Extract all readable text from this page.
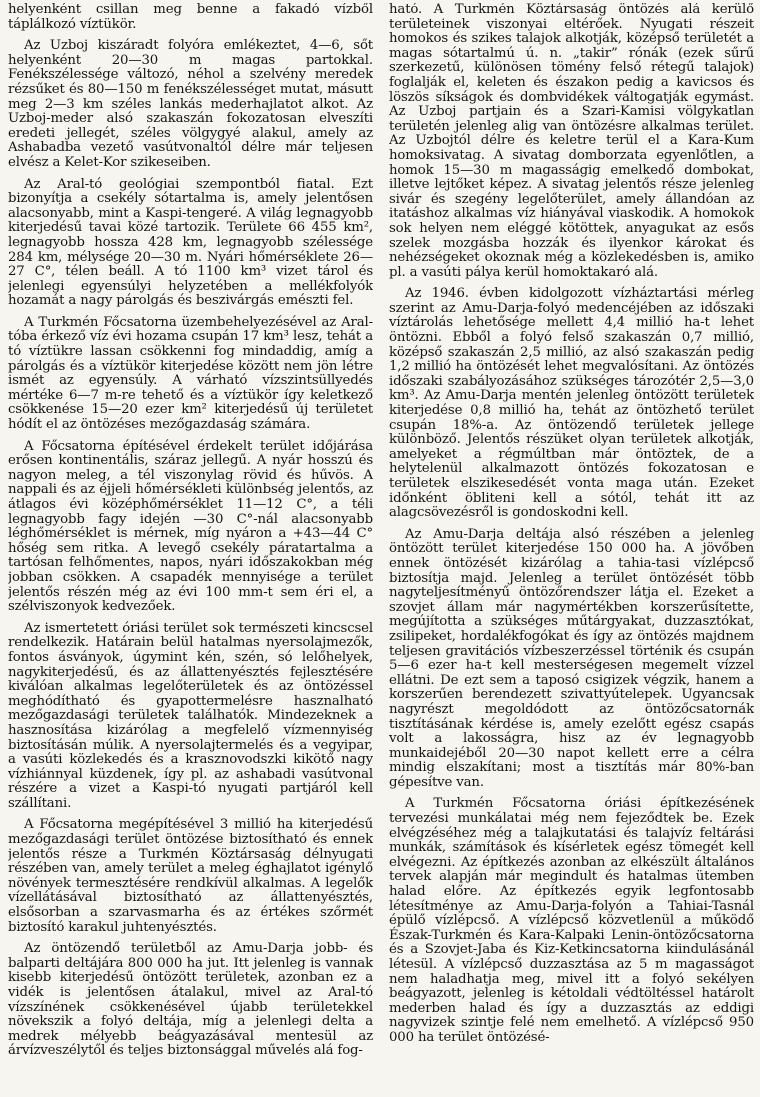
helyenként csillan meg benne a fakadó vízből táplálkozó víztükör.

Az Uzboj kiszáradt folyóra emlékeztet, 4—6, sőt helyenként 20—30 m magas partokkal. Fenékszélessége változó, néhol a szelvény meredek rézsűket és 80—150 m fenékszélességet mutat, másutt meg 2—3 km széles lankás mederhajlatot alkot. Az Uzboj-meder alsó szakaszán fokozatosan elveszíti eredeti jellegét, széles völgygyé alakul, amely az Ashabadba vezető vasútvonaltól délre már teljesen elvész a Kelet-Kor szikeseiben.

Az Aral-tó geológiai szempontból fiatal. Ezt bizonyítja a csekély sótartalma is, amely jelentősen alacsonyabb, mint a Kaspi-tengeré. A világ legnagyobb kiterjedésű tavai közé tartozik. Területe 66 455 km², legnagyobb hossza 428 km, legnagyobb szélessége 284 km, mélysége 20—30 m. Nyári hőmérséklete 26—27 C°, télen beáll. A tó 1100 km³ vizet tárol és jelenlegi egyensúlyi helyzetében a mellékfolyók hozamát a nagy párolgás és beszivárgás emészti fel.

A Turkmén Főcsatorna üzembehelyezésével az Aral-tóba érkező víz évi hozama csupán 17 km³ lesz, tehát a tó víztükre lassan csökkenni fog mindaddig, amíg a párolgás és a víztükör kiterjedése között nem jön létre ismét az egyensúly. A várható vízszintsüllyedés mértéke 6—7 m-re tehető és a víztükör így keletkező csökkenése 15—20 ezer km² kiterjedésű új területet hódít el az öntözéses mezőgazdaság számára.

A Főcsatorna építésével érdekelt terület időjárása erősen kontinentális, száraz jellegű. A nyár hosszú és nagyon meleg, a tél viszonylag rövid és hűvös. A nappali és az éjjeli hőmérsékleti különbség jelentős, az átlagos évi középhőmérséklet 11—12 C°, a téli legnagyobb fagy idején —30 C°-nál alacsonyabb léghőmérséklet is mérnek, míg nyáron a +43—44 C° hőség sem ritka. A levegő csekély páratartalma a tartósan felhőmentes, napos, nyári időszakokban még jobban csökken. A csapadék mennyisége a terület jelentős részén még az évi 100 mm-t sem éri el, a szélviszonyok kedvezőek.

Az ismertetett óriási terület sok természeti kincscsel rendelkezik. Határain belül hatalmas nyersolajmezők, fontos ásványok, úgymint kén, szén, só lelőhelyek, nagykiterjedésű, és az állattenyésztés fejlesztésére kiválóan alkalmas legelőterületek és az öntözéssel meghódítható és gyapottermelésre hasznalható mezőgazdasági területek találhatók. Mindezeknek a hasznosítása kizárólag a megfelelő vízmennyiség biztosításán múlik. A nyersolajtermelés és a vegyipar, a vasúti közlekedés és a krasznovodszki kikötő nagy vízhiánnyal küzdenek, így pl. az ashabadi vasútvonal részére a vizet a Kaspi-tó nyugati partjáról kell szállítani.

A Főcsatorna megépítésével 3 millió ha kiterjedésű mezőgazdasági terület öntözése biztosítható és ennek jelentős része a Turkmén Köztársaság délnyugati részében van, amely terület a meleg éghajlatot igénylő növények termesztésére rendkívül alkalmas. A legelők vízellátásával biztosítható az állattenyésztés, elsősorban a szarvasmarha és az értékes szőrmét biztosító karakul juhtenyésztés.

Az öntözendő területből az Amu-Darja jobb- és balparti deltájára 800 000 ha jut. Itt jelenleg is vannak kisebb kiterjedésű öntözött területek, azonban ez a vidék is jelentősen átalakul, mivel az Aral-tó vízszínének csökkenésével újabb területekkel növekszik a folyó deltája, míg a jelenlegi delta a medrek mélyebb beágyazásával mentesül az árvízveszélytől és teljes biztonsággal művelés alá fog-

ható. A Turkmén Köztársaság öntözés alá kerülő területeinek viszonyai eltérőek. Nyugati részeit homokos és szikes talajok alkotják, középső területét a magas sótartalmú ú. n. „takir” rónák (ezek sűrű szerkezetű, különösen tömény felső rétegű talajok) foglalják el, keleten és északon pedig a kavicsos és löszös síkságok és dombvidékek váltogatják egymást. Az Uzboj partjain és a Szari-Kamisi völgykatlan területén jelenleg alig van öntözésre alkalmas terület. Az Uzbojtól délre és keletre terül el a Kara-Kum homoksivatag. A sivatag domborzata egyenlőtlen, a homok 15—30 m magasságig emelkedő dombokat, illetve lejtőket képez. A sivatag jelentős része jelenleg sivár és szegény legelőterület, amely állandóan az itatáshoz alkalmas víz hiányával viaskodik. A homokok sok helyen nem eléggé kötöttek, anyagukat az esős szelek mozgásba hozzák és ilyenkor károkat és nehézségeket okoznak még a közlekedésben is, amiko pl. a vasúti pálya kerül homoktakaró alá.

Az 1946. évben kidolgozott vízháztartási mérleg szerint az Amu-Darja-folyó medencéjében az időszaki víztárolás lehetősége mellett 4,4 millió ha-t lehet öntözni. Ebből a folyó felső szakaszán 0,7 millió, középső szakaszán 2,5 millió, az alsó szakaszán pedig 1,2 millió ha öntözését lehet megvalósítani. Az öntözés időszaki szabályozásához szükséges tározótér 2,5—3,0 km³. Az Amu-Darja mentén jelenleg öntözött területek kiterjedése 0,8 millió ha, tehát az öntözhető terület csupán 18%-a. Az öntözendő területek jellege különböző. Jelentős részüket olyan területek alkotják, amelyeket a régmúltban már öntöztek, de a helytelenül alkalmazott öntözés fokozatosan e területek elszikesedését vonta maga után. Ezeket időnként öbliteni kell a sótól, tehát itt az alagcsövezésről is gondoskodni kell.

Az Amu-Darja deltája alsó részében a jelenleg öntözött terület kiterjedése 150 000 ha. A jövőben ennek öntözését kizárólag a tahia-tasi vízlépcső biztosítja majd. Jelenleg a terület öntözését több nagyteljesítményű öntözőrendszer látja el. Ezeket a szovjet állam már nagymértékben korszerűsítette, megújította a szükséges műtárgyakat, duzzasztókat, zsilipeket, hordalékfogókat és így az öntözés majdnem teljesen gravitációs vízbeszerzéssel történik és csupán 5—6 ezer ha-t kell mesterségesen megemelt vízzel ellátni. De ezt sem a taposó csigizek végzik, hanem a korszerűen berendezett szivattyútelepek. Ugyancsak nagyrészt megoldódott az öntözőcsatornák tisztításának kérdése is, amely ezelőtt egész csapás volt a lakosságra, hisz az év legnagyobb munkaidejéből 20—30 napot kellett erre a célra mindig elszakítani; most a tisztítás már 80%-ban gépesítve van.

A Turkmén Főcsatorna óriási építkezésének tervezési munkálatai még nem fejeződtek be. Ezek elvégzéséhez még a talajkutatási és talajvíz feltárási munkák, számítások és kísérletek egész tömegét kell elvégezni. Az építkezés azonban az elkészült általános tervek alapján már megindult és hatalmas ütemben halad előre. Az építkezés egyik legfontosabb létesítménye az Amu-Darja-folyón a Tahiai-Tasnál épülő vízlépcső. A vízlépcső közvetlenül a működő Észak-Turkmén és Kara-Kalpaki Lenin-öntözőcsatorna és a Szovjet-Jaba és Kiz-Ketkincsatorna kiindulásánál létesül. A vízlépcső duzzasztása az 5 m magasságot nem haladhatja meg, mivel itt a folyó sekélyen beágyazott, jelenleg is kétoldali védtöltéssel határolt mederben halad és így a duzzasztás az eddigi nagyvizek szintje felé nem emelhető. A vízlépcső 950 000 ha terület öntözésé-
